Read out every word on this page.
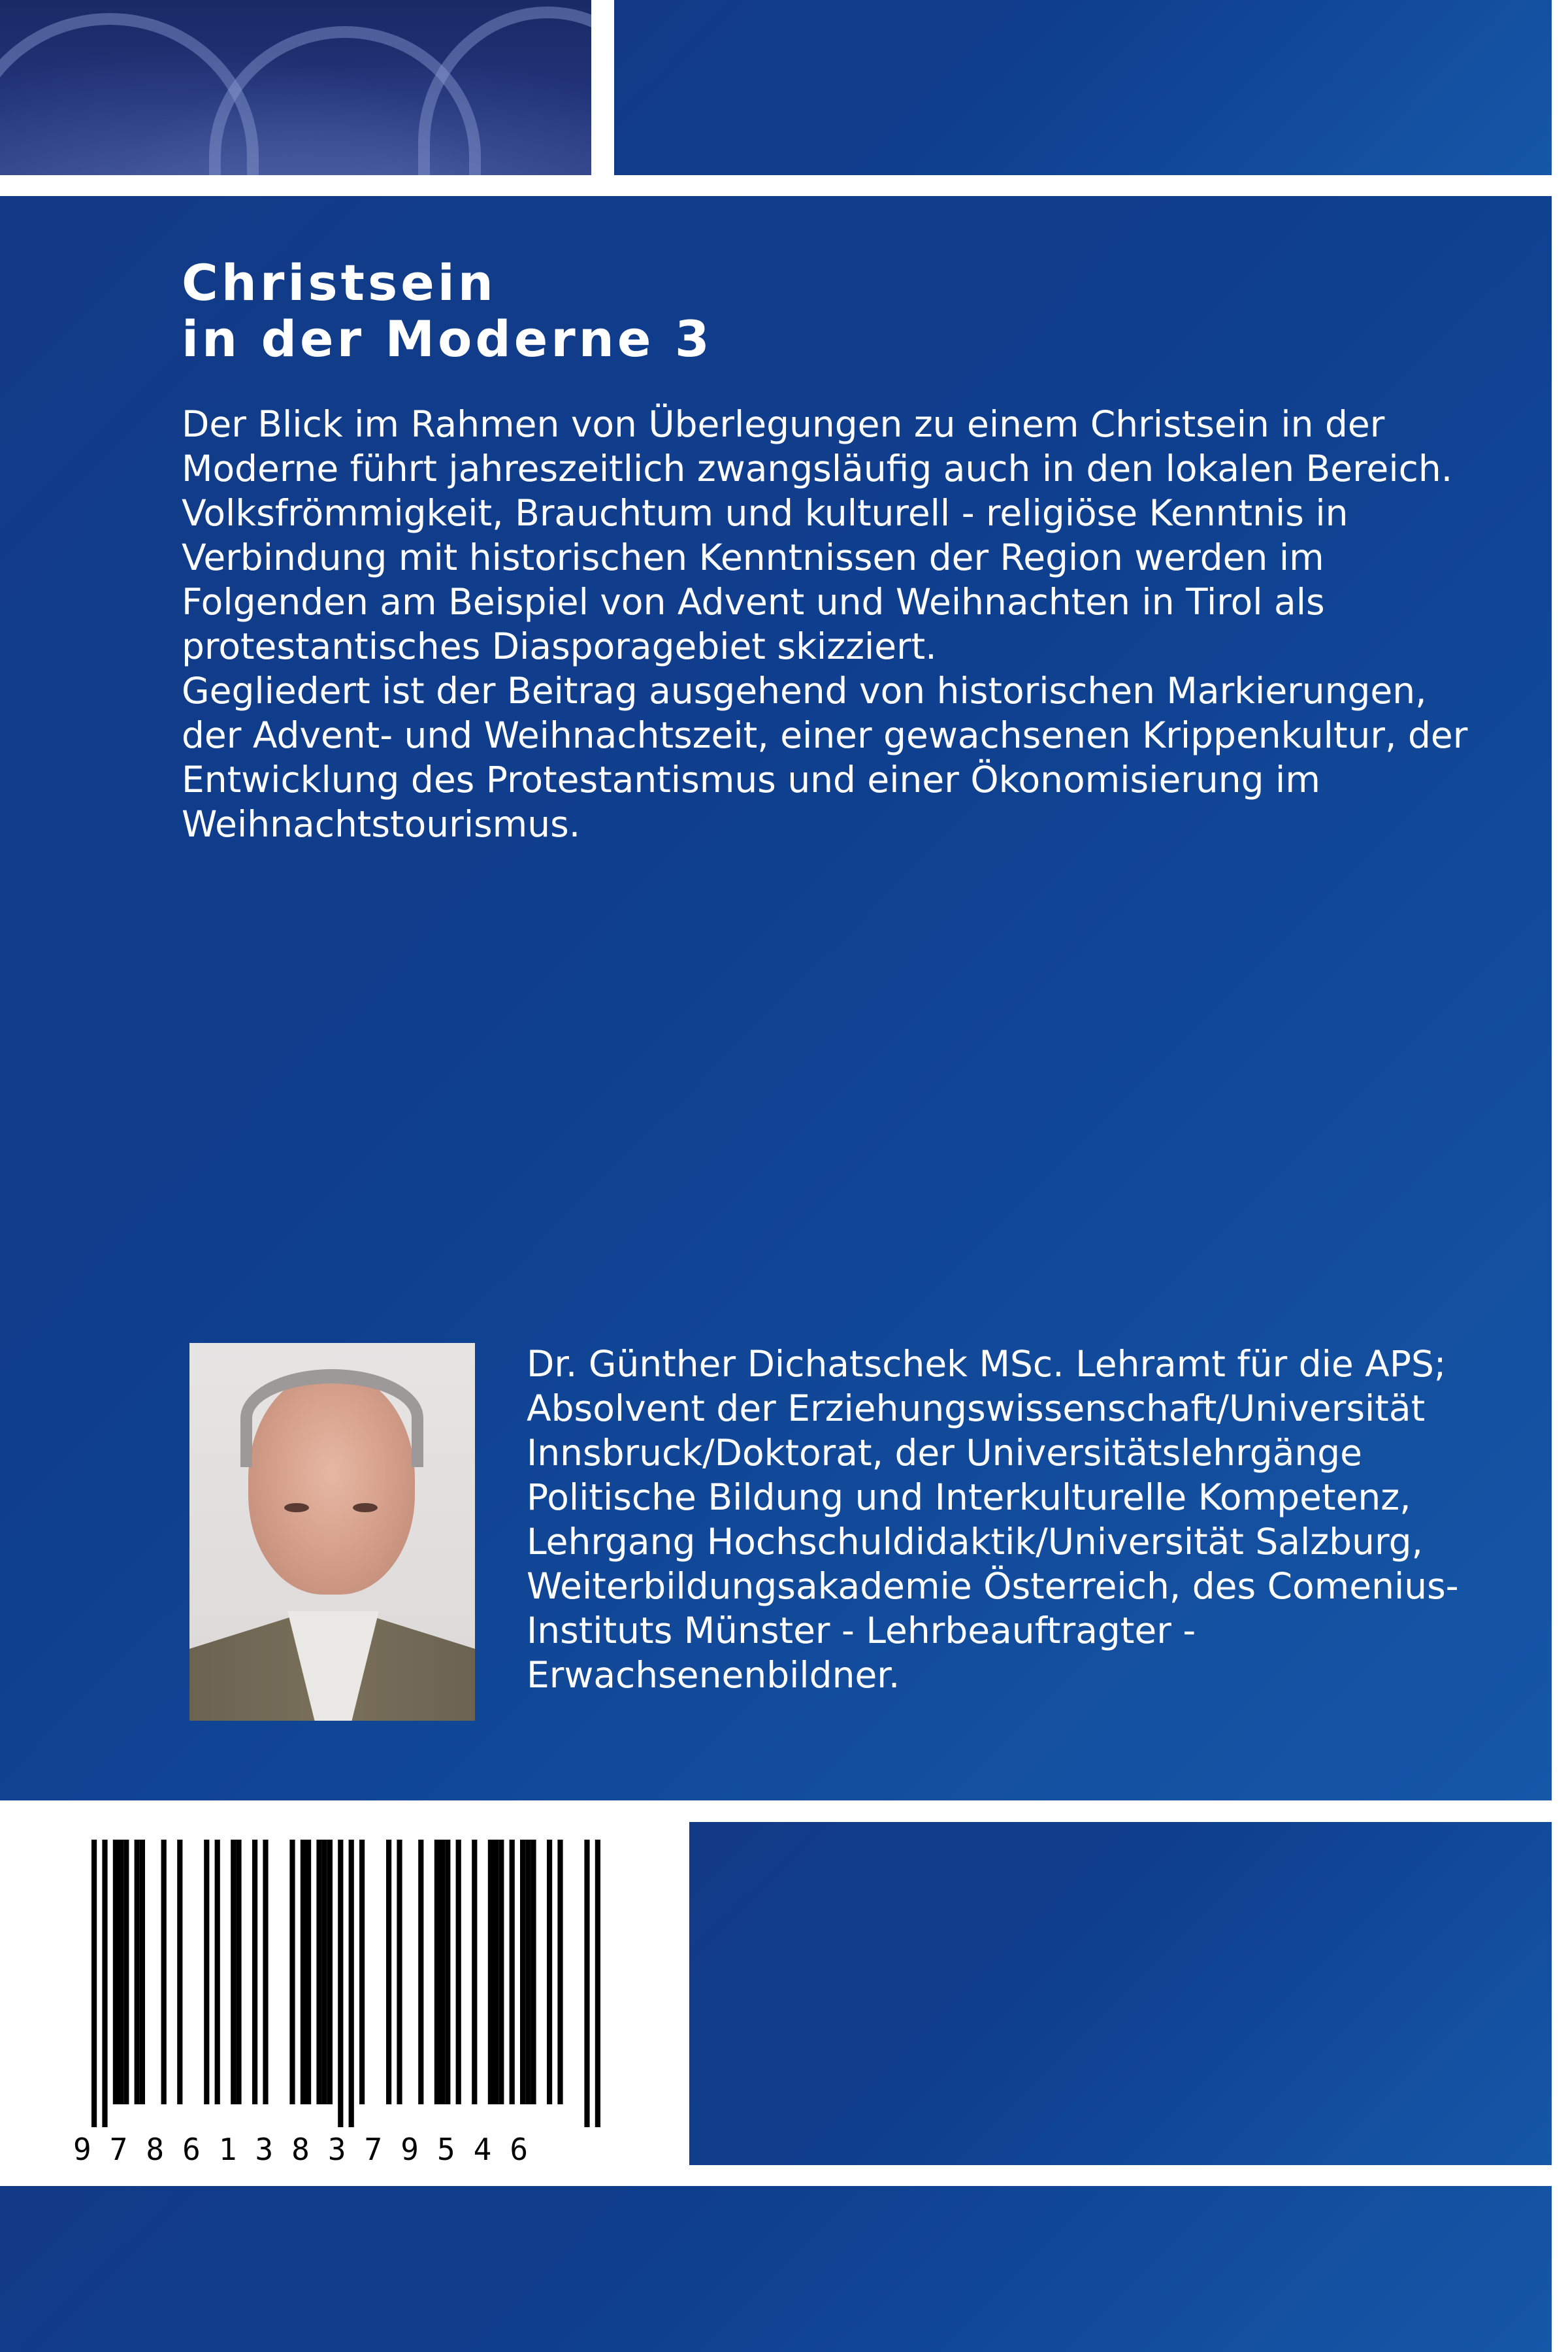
Christsein
in der Moderne 3

Der Blick im Rahmen von Überlegungen zu einem Christsein in der Moderne führt jahreszeitlich zwangsläufig auch in den lokalen Bereich. Volksfrömmigkeit, Brauchtum und kulturell - religiöse Kenntnis in Verbindung mit historischen Kenntnissen der Region werden im Folgenden am Beispiel von Advent und Weihnachten in Tirol als protestantisches Diasporagebiet skizziert.

Gegliedert ist der Beitrag ausgehend von historischen Markierungen, der Advent- und Weihnachtszeit, einer gewachsenen Krippenkultur, der Entwicklung des Protestantismus und einer Ökonomisierung im Weihnachtstourismus.

Dr. Günther Dichatschek MSc. Lehramt für die APS; Absolvent der Erziehungswissenschaft/Universität Innsbruck/Doktorat, der Universitätslehrgänge Politische Bildung und Interkulturelle Kompetenz, Lehrgang Hochschuldidaktik/Universität Salzburg, Weiterbildungsakademie Österreich, des Comenius-Instituts Münster - Lehrbeauftragter - Erwachsenenbildner.

9786138379546
